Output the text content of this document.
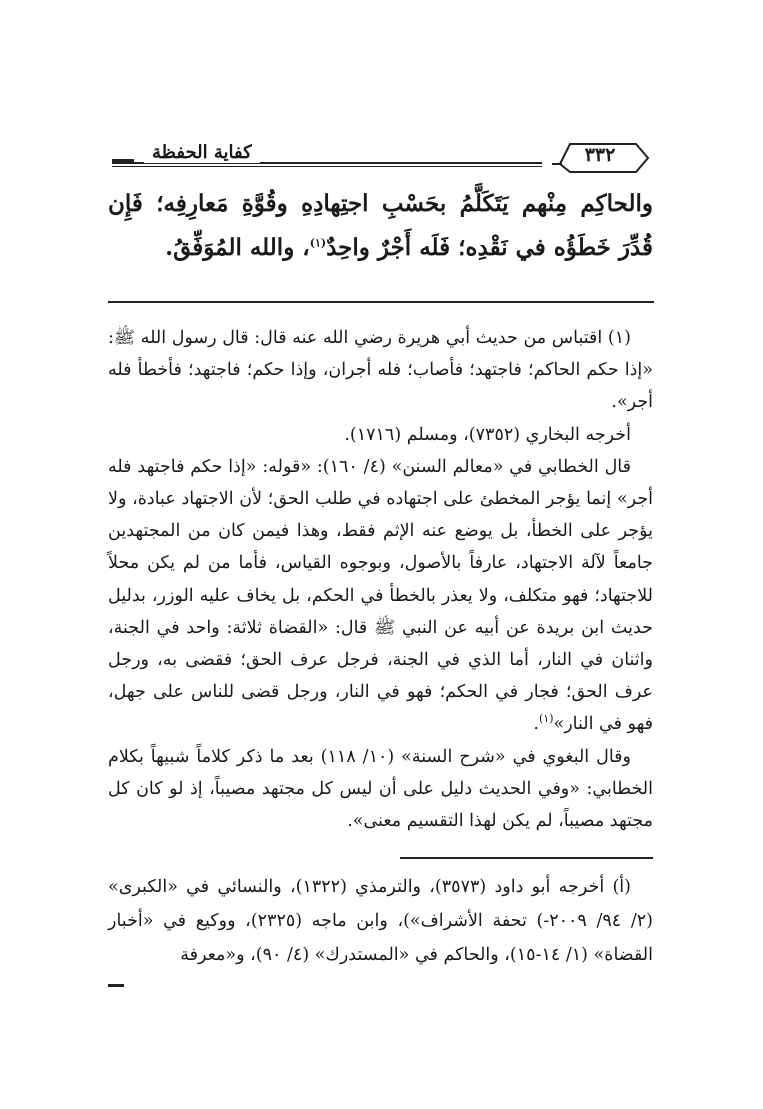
كفاية الحفظة	٣٣٢

والحاكِم مِنْهم يَتَكَلَّمُ بحَسْبِ اجتِهادِهِ وقُوَّةِ مَعارِفِه؛ فَإِن قُدِّرَ خَطَؤُه في نَقْدِه؛ فَلَه أَجْرٌ واحِدٌ$^{(١)}$، والله المُوَفِّقُ.

(١) اقتباس من حديث أبي هريرة رضي الله عنه قال: قال رسول الله ﷺ: «إذا حكم الحاكم؛ فاجتهد؛ فأصاب؛ فله أجران، وإذا حكم؛ فاجتهد؛ فأخطأ فله أجر».

أخرجه البخاري (٧٣٥٢)، ومسلم (١٧١٦).

قال الخطابي في «معالم السنن» (٤/ ١٦٠): «قوله: «إذا حكم فاجتهد فله أجر» إنما يؤجر المخطئ على اجتهاده في طلب الحق؛ لأن الاجتهاد عبادة، ولا يؤجر على الخطأ، بل يوضع عنه الإثم فقط، وهذا فيمن كان من المجتهدين جامعاً لآلة الاجتهاد، عارفاً بالأصول، وبوجوه القياس، فأما من لم يكن محلاً للاجتهاد؛ فهو متكلف، ولا يعذر بالخطأ في الحكم، بل يخاف عليه الوزر، بدليل حديث ابن بريدة عن أبيه عن النبي ﷺ قال: «القضاة ثلاثة: واحد في الجنة، واثنان في النار، أما الذي في الجنة، فرجل عرف الحق؛ فقضى به، ورجل عرف الحق؛ فجار في الحكم؛ فهو في النار، ورجل قضى للناس على جهل، فهو في النار»$^{(١)}$.

وقال البغوي في «شرح السنة» (١٠/ ١١٨) بعد ما ذكر كلاماً شبيهاً بكلام الخطابي: «وفي الحديث دليل على أن ليس كل مجتهد مصيباً، إذ لو كان كل مجتهد مصيباً، لم يكن لهذا التقسيم معنى».

(أ) أخرجه أبو داود (٣٥٧٣)، والترمذي (١٣٢٢)، والنسائي في «الكبرى» (٢/ ٩٤/ ٢٠٠٩-) تحفة الأشراف»)، وابن ماجه (٢٣٢٥)، ووكيع في «أخبار القضاة» (١/ ١٤-١٥)، والحاكم في «المستدرك» (٤/ ٩٠)، و«معرفة
